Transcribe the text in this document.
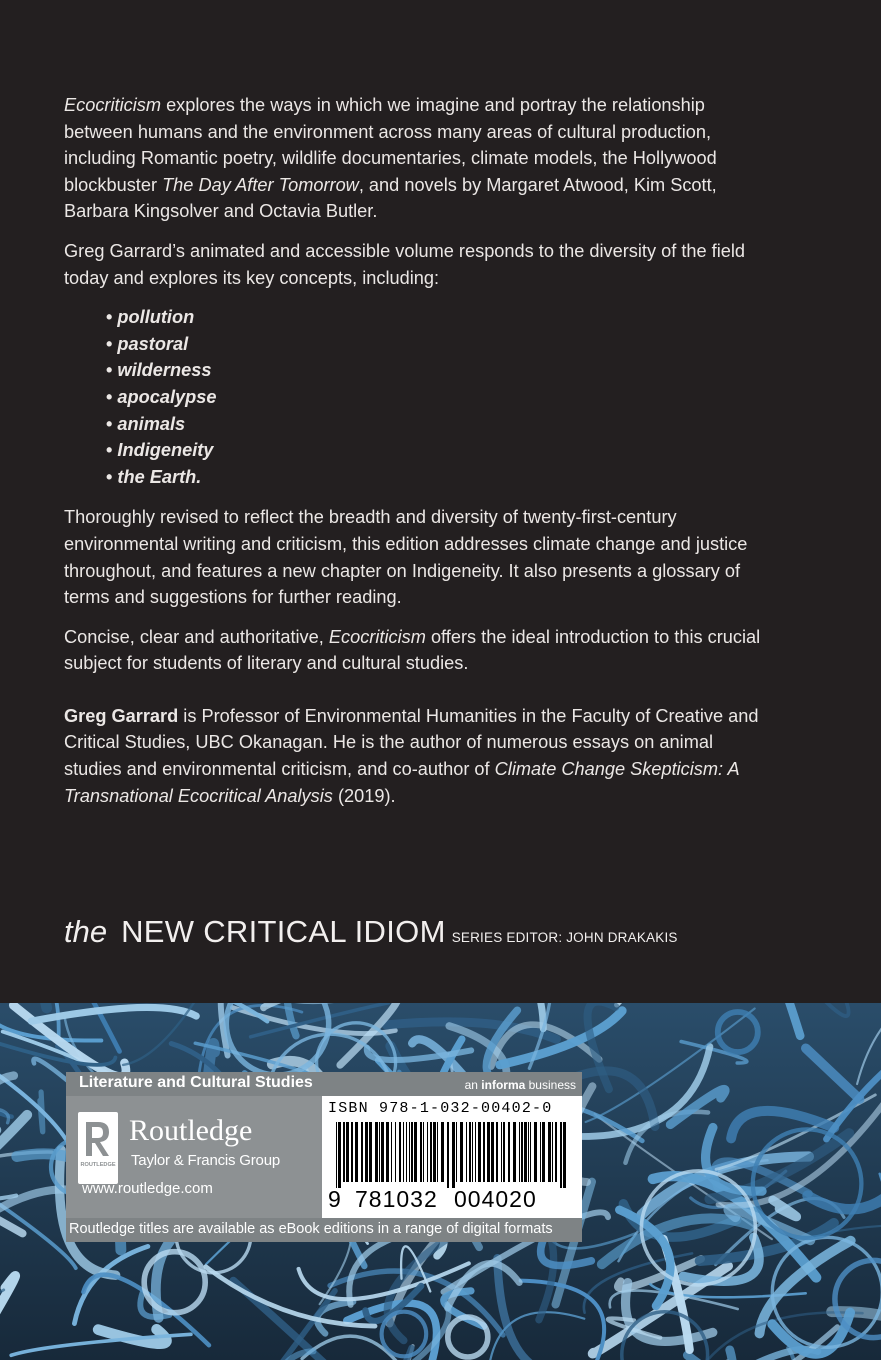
Ecocriticism explores the ways in which we imagine and portray the relationship between humans and the environment across many areas of cultural production, including Romantic poetry, wildlife documentaries, climate models, the Hollywood blockbuster The Day After Tomorrow, and novels by Margaret Atwood, Kim Scott, Barbara Kingsolver and Octavia Butler.

Greg Garrard’s animated and accessible volume responds to the diversity of the field today and explores its key concepts, including:

• pollution
• pastoral
• wilderness
• apocalypse
• animals
• Indigeneity
• the Earth.

Thoroughly revised to reflect the breadth and diversity of twenty-first-century environmental writing and criticism, this edition addresses climate change and justice throughout, and features a new chapter on Indigeneity. It also presents a glossary of terms and suggestions for further reading.

Concise, clear and authoritative, Ecocriticism offers the ideal introduction to this crucial subject for students of literary and cultural studies.

Greg Garrard is Professor of Environmental Humanities in the Faculty of Creative and Critical Studies, UBC Okanagan. He is the author of numerous essays on animal studies and environmental criticism, and co-author of Climate Change Skepticism: A Transnational Ecocritical Analysis (2019).

the NEW CRITICAL IDIOM SERIES EDITOR: JOHN DRAKAKIS
Literature and Cultural Studies	an informa business
ROUTLEDGE
Routledge
Taylor & Francis Group
www.routledge.com
ISBN 978-1-032-00402-0
9 781032 004020
Routledge titles are available as eBook editions in a range of digital formats
